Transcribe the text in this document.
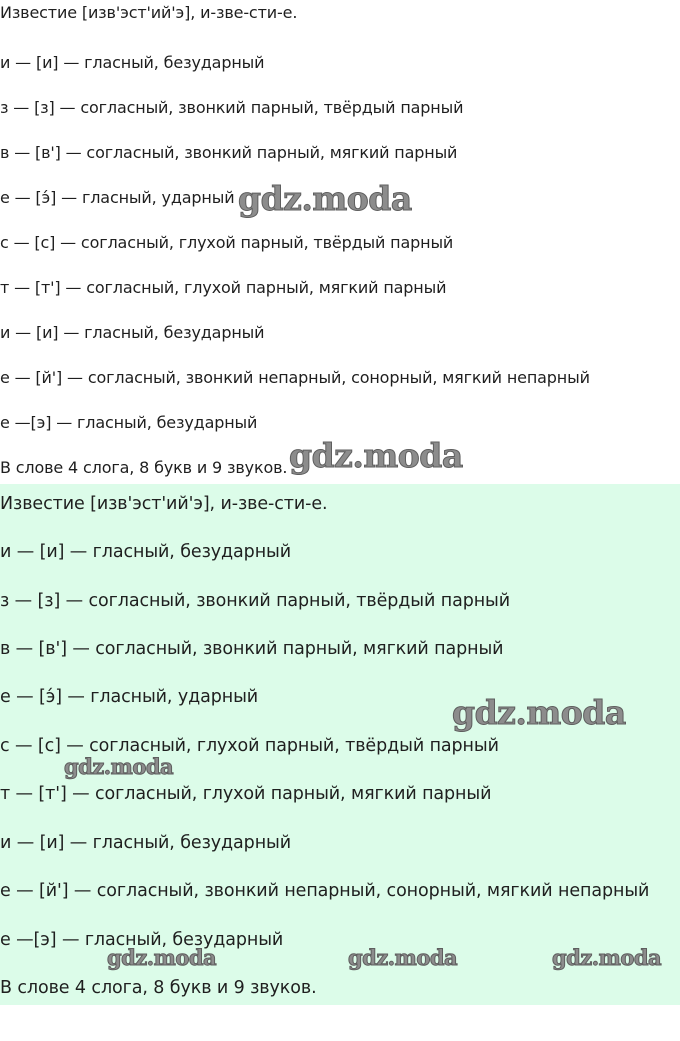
Известие [изв'эст'ий'э], и-зве-сти-е.
и — [и] — гласный, безударный
з — [з] — согласный, звонкий парный, твёрдый парный
в — [в'] — согласный, звонкий парный, мягкий парный
е — [э́] — гласный, ударный
с — [с] — согласный, глухой парный, твёрдый парный
т — [т'] — согласный, глухой парный, мягкий парный
и — [и] — гласный, безударный
е — [й'] — согласный, звонкий непарный, сонорный, мягкий непарный
е —[э] — гласный, безударный
В слове 4 слога, 8 букв и 9 звуков.
Известие [изв'эст'ий'э], и-зве-сти-е.
и — [и] — гласный, безударный
з — [з] — согласный, звонкий парный, твёрдый парный
в — [в'] — согласный, звонкий парный, мягкий парный
е — [э́] — гласный, ударный
с — [с] — согласный, глухой парный, твёрдый парный
т — [т'] — согласный, глухой парный, мягкий парный
и — [и] — гласный, безударный
е — [й'] — согласный, звонкий непарный, сонорный, мягкий непарный
е —[э] — гласный, безударный
В слове 4 слога, 8 букв и 9 звуков.
gdz.moda
gdz.moda
gdz.moda
gdz.moda
gdz.moda	gdz.moda	gdz.moda
